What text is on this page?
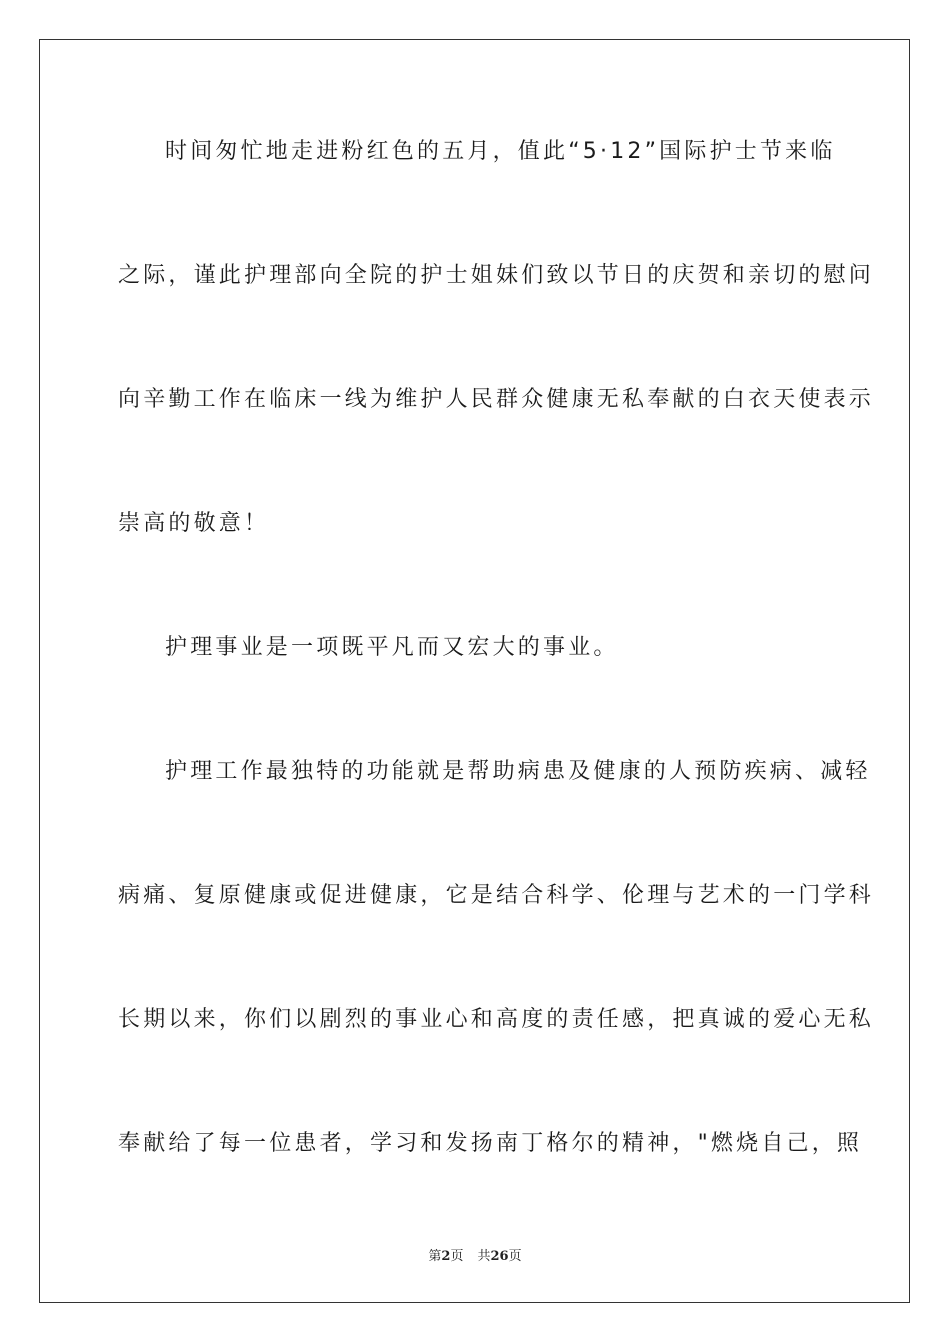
时间匆忙地走进粉红色的五月，值此“5·12”国际护士节来临
之际，谨此护理部向全院的护士姐妹们致以节日的庆贺和亲切的慰问
向辛勤工作在临床一线为维护人民群众健康无私奉献的白衣天使表示
崇高的敬意！
护理事业是一项既平凡而又宏大的事业。
护理工作最独特的功能就是帮助病患及健康的人预防疾病、减轻
病痛、复原健康或促进健康，它是结合科学、伦理与艺术的一门学科
长期以来，你们以剧烈的事业心和高度的责任感，把真诚的爱心无私
奉献给了每一位患者，学习和发扬南丁格尔的精神，"燃烧自己，照
第2页 共26页
